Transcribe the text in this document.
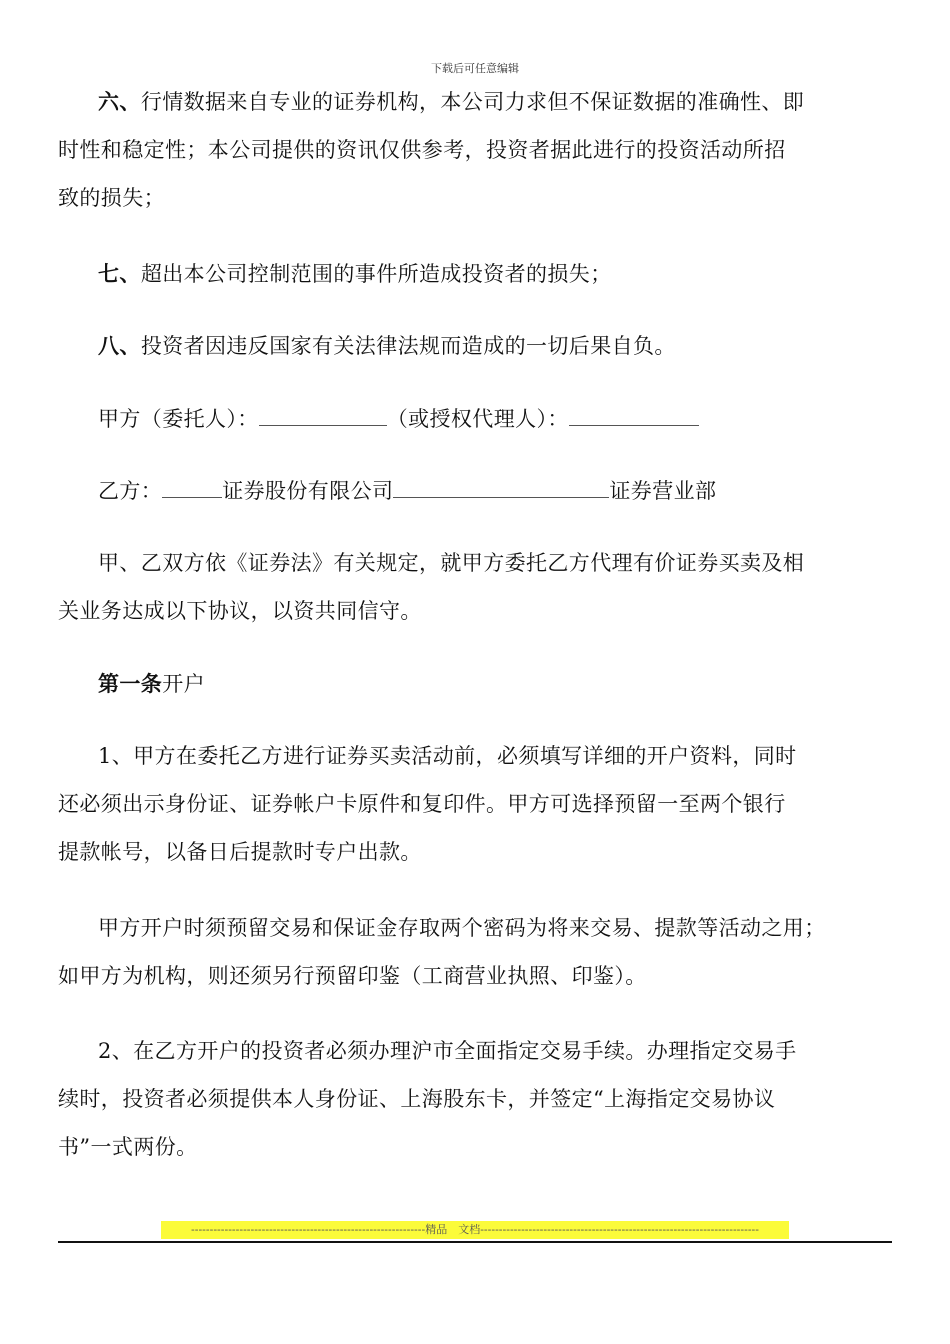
下载后可任意编辑
六、行情数据来自专业的证券机构，本公司力求但不保证数据的准确性、即
时性和稳定性；本公司提供的资讯仅供参考，投资者据此进行的投资活动所招
致的损失；
七、超出本公司控制范围的事件所造成投资者的损失；
八、投资者因违反国家有关法律法规而造成的一切后果自负。
甲方（委托人）：	（或授权代理人）：
乙方：	证券股份有限公司	证券营业部
甲、乙双方依《证券法》有关规定，就甲方委托乙方代理有价证券买卖及相
关业务达成以下协议，以资共同信守。
第一条开户
1、甲方在委托乙方进行证券买卖活动前，必须填写详细的开户资料，同时
还必须出示身份证、证券帐户卡原件和复印件。甲方可选择预留一至两个银行
提款帐号，以备日后提款时专户出款。
甲方开户时须预留交易和保证金存取两个密码为将来交易、提款等活动之用；
如甲方为机构，则还须另行预留印鉴（工商营业执照、印鉴）。
2、在乙方开户的投资者必须办理沪市全面指定交易手续。办理指定交易手
续时，投资者必须提供本人身份证、上海股东卡，并签定“上海指定交易协议
书”一式两份。
---------------------------------------------------------------精品　文档---------------------------------------------------------------------------
